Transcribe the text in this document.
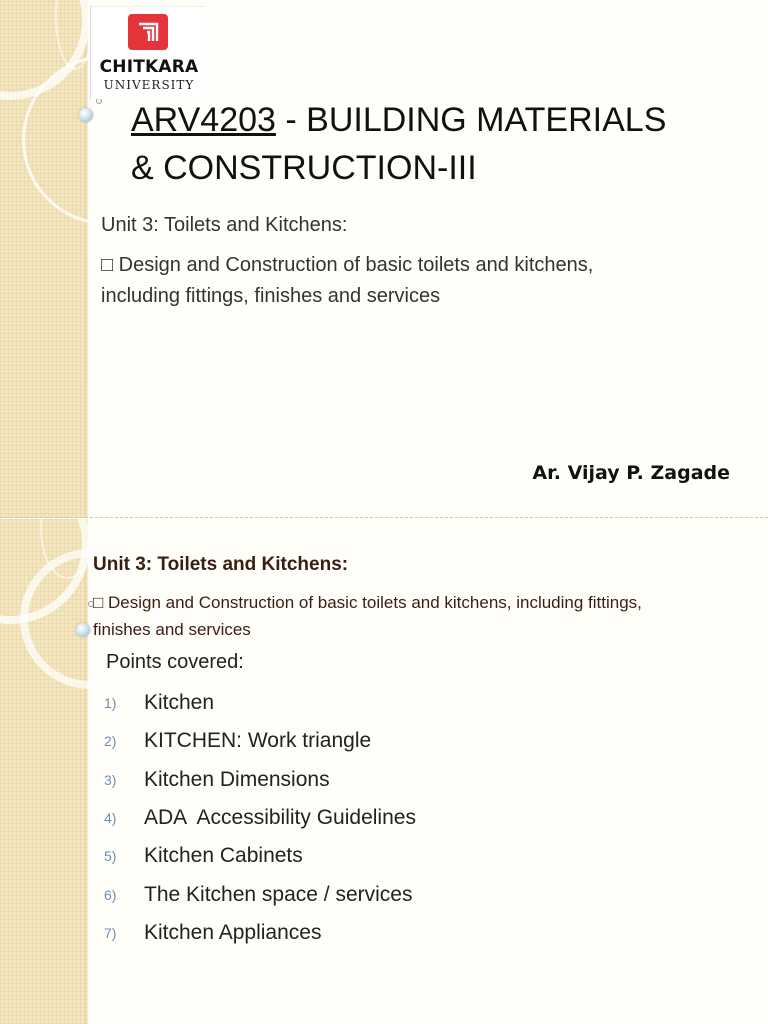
CHITKARA
UNIVERSITY
ARV4203 - BUILDING MATERIALS
& CONSTRUCTION-III
Unit 3: Toilets and Kitchens:
□ Design and Construction of basic toilets and kitchens,
including fittings, finishes and services
Ar. Vijay P. Zagade
Unit 3: Toilets and Kitchens:
□ Design and Construction of basic toilets and kitchens, including fittings,
finishes and services
Points covered:
1)	Kitchen
2)	KITCHEN: Work triangle
3)	Kitchen Dimensions
4)	ADA  Accessibility Guidelines
5)	Kitchen Cabinets
6)	The Kitchen space / services
7)	Kitchen Appliances
